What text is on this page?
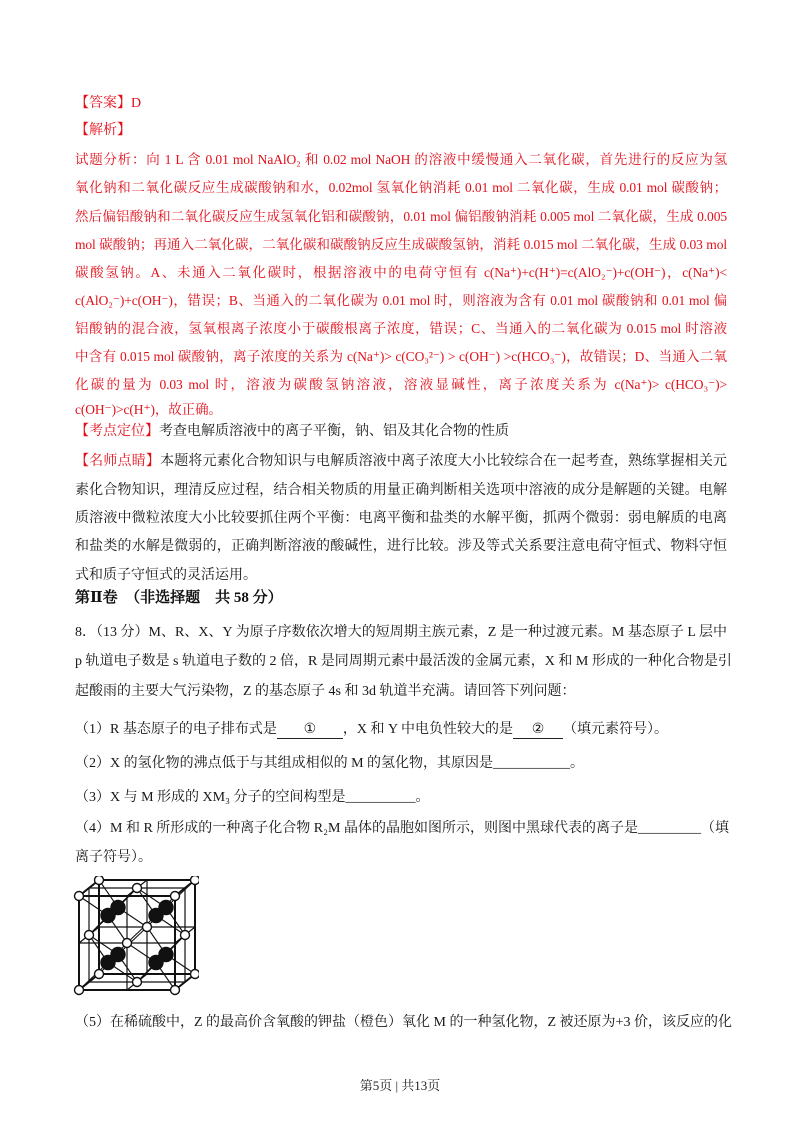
【答案】D
【解析】
试题分析：向 1 L 含 0.01 mol NaAlO₂ 和 0.02 mol NaOH 的溶液中缓慢通入二氧化碳，首先进行的反应为氢
氧化钠和二氧化碳反应生成碳酸钠和水，0.02mol 氢氧化钠消耗 0.01 mol 二氧化碳，生成 0.01 mol 碳酸钠；
然后偏铝酸钠和二氧化碳反应生成氢氧化铝和碳酸钠，0.01 mol 偏铝酸钠消耗 0.005 mol 二氧化碳，生成 0.005
mol 碳酸钠；再通入二氧化碳，二氧化碳和碳酸钠反应生成碳酸氢钠，消耗 0.015 mol 二氧化碳，生成 0.03 mol
碳酸氢钠。A、未通入二氧化碳时，根据溶液中的电荷守恒有 c(Na⁺)+c(H⁺)=c(AlO₂⁻)+c(OH⁻)，c(Na⁺)<
c(AlO₂⁻)+c(OH⁻)，错误；B、当通入的二氧化碳为 0.01 mol 时，则溶液为含有 0.01 mol 碳酸钠和 0.01 mol 偏
铝酸钠的混合液，氢氧根离子浓度小于碳酸根离子浓度，错误；C、当通入的二氧化碳为 0.015 mol 时溶液
中含有 0.015 mol 碳酸钠，离子浓度的关系为 c(Na⁺)> c(CO₃²⁻) > c(OH⁻) >c(HCO₃⁻)，故错误；D、当通入二氧
化碳的量为 0.03 mol 时，溶液为碳酸氢钠溶液，溶液显碱性，离子浓度关系为 c(Na⁺)> c(HCO₃⁻)>
c(OH⁻)>c(H⁺)，故正确。
【考点定位】考查电解质溶液中的离子平衡，钠、铝及其化合物的性质
【名师点睛】本题将元素化合物知识与电解质溶液中离子浓度大小比较综合在一起考查，熟练掌握相关元
素化合物知识，理清反应过程，结合相关物质的用量正确判断相关选项中溶液的成分是解题的关键。电解
质溶液中微粒浓度大小比较要抓住两个平衡：电离平衡和盐类的水解平衡，抓两个微弱：弱电解质的电离
和盐类的水解是微弱的，正确判断溶液的酸碱性，进行比较。涉及等式关系要注意电荷守恒式、物料守恒
式和质子守恒式的灵活运用。
第Ⅱ卷 （非选择题　共 58 分）
8．（13 分）M、R、X、Y 为原子序数依次增大的短周期主族元素，Z 是一种过渡元素。M 基态原子 L 层中
p 轨道电子数是 s 轨道电子数的 2 倍，R 是同周期元素中最活泼的金属元素，X 和 M 形成的一种化合物是引
起酸雨的主要大气污染物，Z 的基态原子 4s 和 3d 轨道半充满。请回答下列问题：
（1）R 基态原子的电子排布式是 ① ，X 和 Y 中电负性较大的是 ② （填元素符号）。
（2）X 的氢化物的沸点低于与其组成相似的 M 的氢化物，其原因是___________。
（3）X 与 M 形成的 XM₃ 分子的空间构型是__________。
（4）M 和 R 所形成的一种离子化合物 R₂M 晶体的晶胞如图所示，则图中黑球代表的离子是_________（填
离子符号）。
（5）在稀硫酸中，Z 的最高价含氧酸的钾盐（橙色）氧化 M 的一种氢化物，Z 被还原为+3 价，该反应的化
第5页 | 共13页
